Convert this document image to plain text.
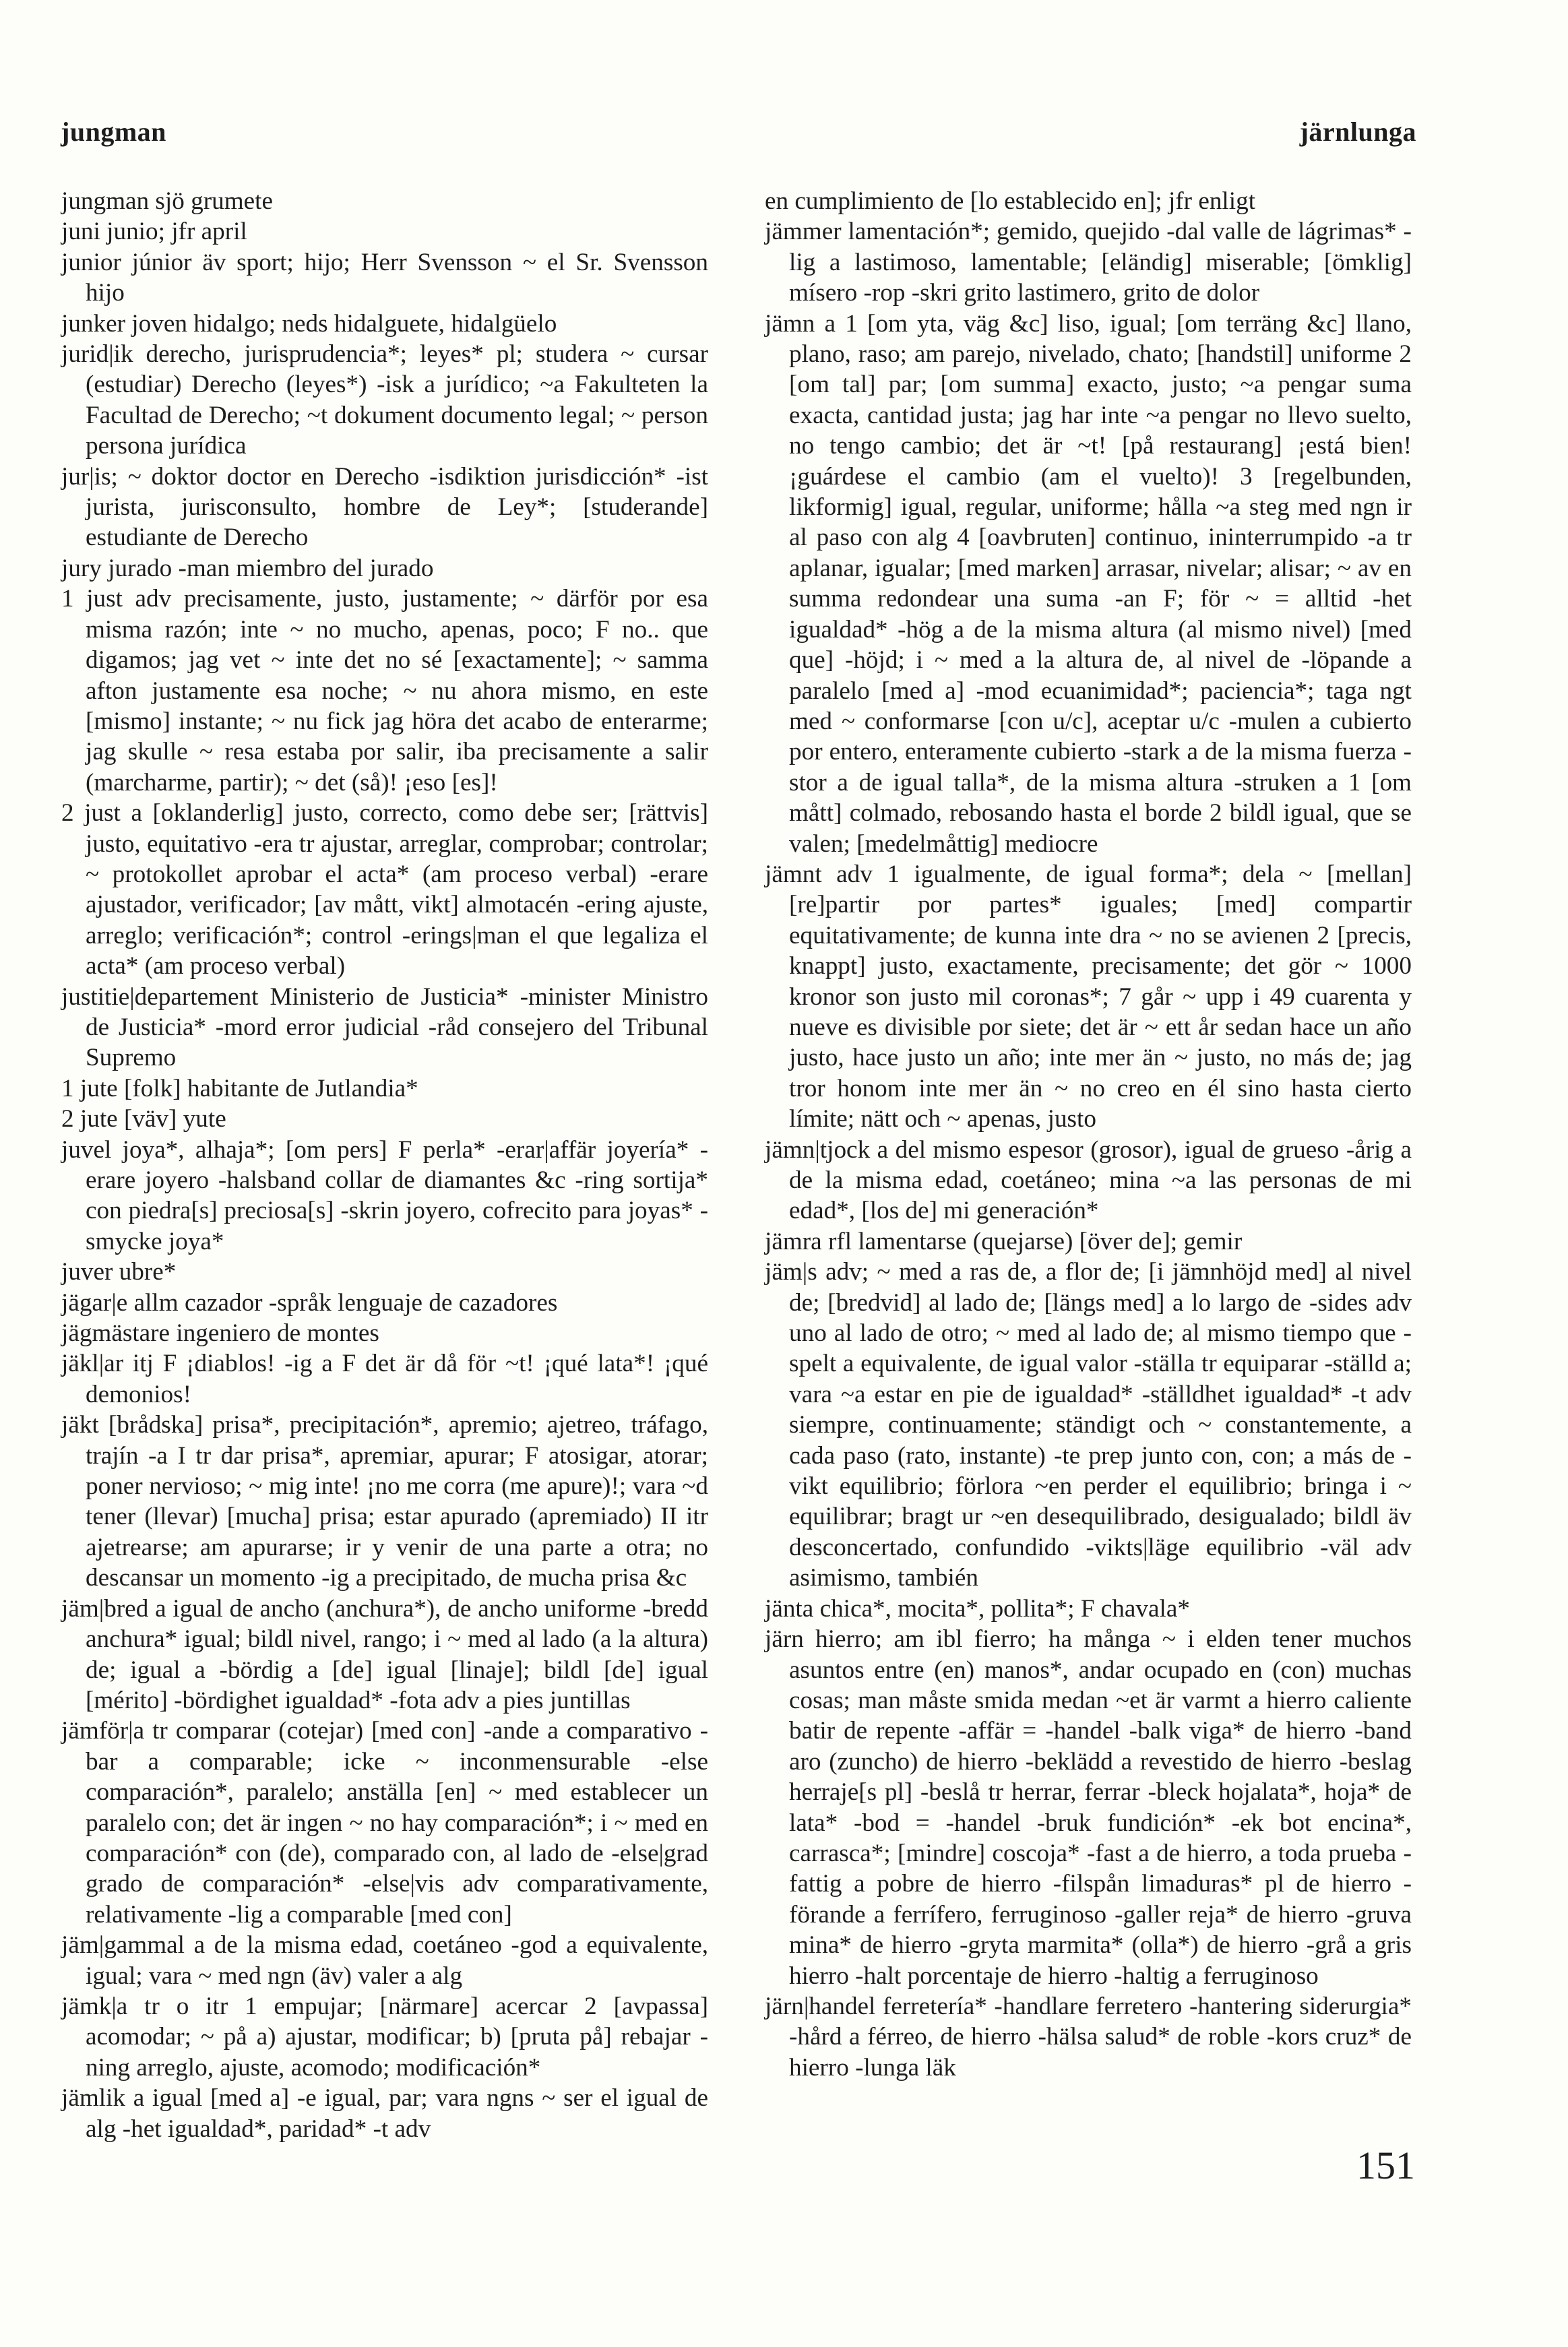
jungman	järnlunga

jungman sjö grumete

juni junio; jfr april

junior júnior äv sport; hijo; Herr Svensson ~ el Sr. Svensson hijo

junker joven hidalgo; neds hidalguete, hidalgüelo

jurid|ik derecho, jurisprudencia*; leyes* pl; studera ~ cursar (estudiar) Derecho (leyes*) -isk a jurídico; ~a Fakulteten la Facultad de Derecho; ~t dokument documento legal; ~ person persona jurídica

jur|is; ~ doktor doctor en Derecho -isdiktion jurisdicción* -ist jurista, jurisconsulto, hombre de Ley*; [studerande] estudiante de Derecho

jury jurado -man miembro del jurado

1 just adv precisamente, justo, justamente; ~ därför por esa misma razón; inte ~ no mucho, apenas, poco; F no.. que digamos; jag vet ~ inte det no sé [exactamente]; ~ samma afton justamente esa noche; ~ nu ahora mismo, en este [mismo] instante; ~ nu fick jag höra det acabo de enterarme; jag skulle ~ resa estaba por salir, iba precisamente a salir (marcharme, partir); ~ det (så)! ¡eso [es]!

2 just a [oklanderlig] justo, correcto, como debe ser; [rättvis] justo, equitativo -era tr ajustar, arreglar, comprobar; controlar; ~ protokollet aprobar el acta* (am proceso verbal) -erare ajustador, verificador; [av mått, vikt] almotacén -ering ajuste, arreglo; verificación*; control -erings|man el que legaliza el acta* (am proceso verbal)

justitie|departement Ministerio de Justicia* -minister Ministro de Justicia* -mord error judicial -råd consejero del Tribunal Supremo

1 jute [folk] habitante de Jutlandia*

2 jute [väv] yute

juvel joya*, alhaja*; [om pers] F perla* -erar|affär joyería* -erare joyero -halsband collar de diamantes &c -ring sortija* con piedra[s] preciosa[s] -skrin joyero, cofrecito para joyas* -smycke joya*

juver ubre*

jägar|e allm cazador -språk lenguaje de cazadores

jägmästare ingeniero de montes

jäkl|ar itj F ¡diablos! -ig a F det är då för ~t! ¡qué lata*! ¡qué demonios!

jäkt [brådska] prisa*, precipitación*, apremio; ajetreo, tráfago, trajín -a I tr dar prisa*, apremiar, apurar; F atosigar, atorar; poner nervioso; ~ mig inte! ¡no me corra (me apure)!; vara ~d tener (llevar) [mucha] prisa; estar apurado (apremiado) II itr ajetrearse; am apurarse; ir y venir de una parte a otra; no descansar un momento -ig a precipitado, de mucha prisa &c

jäm|bred a igual de ancho (anchura*), de ancho uniforme -bredd anchura* igual; bildl nivel, rango; i ~ med al lado (a la altura) de; igual a -bördig a [de] igual [linaje]; bildl [de] igual [mérito] -bördighet igualdad* -fota adv a pies juntillas

jämför|a tr comparar (cotejar) [med con] -ande a comparativo -bar a comparable; icke ~ inconmensurable -else comparación*, paralelo; anställa [en] ~ med establecer un paralelo con; det är ingen ~ no hay comparación*; i ~ med en comparación* con (de), comparado con, al lado de -else|grad grado de comparación* -else|vis adv comparativamente, relativamente -lig a comparable [med con]

jäm|gammal a de la misma edad, coetáneo -god a equivalente, igual; vara ~ med ngn (äv) valer a alg

jämk|a tr o itr 1 empujar; [närmare] acercar 2 [avpassa] acomodar; ~ på a) ajustar, modificar; b) [pruta på] rebajar -ning arreglo, ajuste, acomodo; modificación*

jämlik a igual [med a] -e igual, par; vara ngns ~ ser el igual de alg -het igualdad*, paridad* -t adv

en cumplimiento de [lo establecido en]; jfr enligt

jämmer lamentación*; gemido, quejido -dal valle de lágrimas* -lig a lastimoso, lamentable; [eländig] miserable; [ömklig] mísero -rop -skri grito lastimero, grito de dolor

jämn a 1 [om yta, väg &c] liso, igual; [om terräng &c] llano, plano, raso; am parejo, nivelado, chato; [handstil] uniforme 2 [om tal] par; [om summa] exacto, justo; ~a pengar suma exacta, cantidad justa; jag har inte ~a pengar no llevo suelto, no tengo cambio; det är ~t! [på restaurang] ¡está bien! ¡guárdese el cambio (am el vuelto)! 3 [regelbunden, likformig] igual, regular, uniforme; hålla ~a steg med ngn ir al paso con alg 4 [oavbruten] continuo, ininterrumpido -a tr aplanar, igualar; [med marken] arrasar, nivelar; alisar; ~ av en summa redondear una suma -an F; för ~ = alltid -het igualdad* -hög a de la misma altura (al mismo nivel) [med que] -höjd; i ~ med a la altura de, al nivel de -löpande a paralelo [med a] -mod ecuanimidad*; paciencia*; taga ngt med ~ conformarse [con u/c], aceptar u/c -mulen a cubierto por entero, enteramente cubierto -stark a de la misma fuerza -stor a de igual talla*, de la misma altura -struken a 1 [om mått] colmado, rebosando hasta el borde 2 bildl igual, que se valen; [medelmåttig] mediocre

jämnt adv 1 igualmente, de igual forma*; dela ~ [mellan] [re]partir por partes* iguales; [med] compartir equitativamente; de kunna inte dra ~ no se avienen 2 [precis, knappt] justo, exactamente, precisamente; det gör ~ 1000 kronor son justo mil coronas*; 7 går ~ upp i 49 cuarenta y nueve es divisible por siete; det är ~ ett år sedan hace un año justo, hace justo un año; inte mer än ~ justo, no más de; jag tror honom inte mer än ~ no creo en él sino hasta cierto límite; nätt och ~ apenas, justo

jämn|tjock a del mismo espesor (grosor), igual de grueso -årig a de la misma edad, coetáneo; mina ~a las personas de mi edad*, [los de] mi generación*

jämra rfl lamentarse (quejarse) [över de]; gemir

jäm|s adv; ~ med a ras de, a flor de; [i jämnhöjd med] al nivel de; [bredvid] al lado de; [längs med] a lo largo de -sides adv uno al lado de otro; ~ med al lado de; al mismo tiempo que -spelt a equivalente, de igual valor -ställa tr equiparar -ställd a; vara ~a estar en pie de igualdad* -ställdhet igualdad* -t adv siempre, continuamente; ständigt och ~ constantemente, a cada paso (rato, instante) -te prep junto con, con; a más de -vikt equilibrio; förlora ~en perder el equilibrio; bringa i ~ equilibrar; bragt ur ~en desequilibrado, desigualado; bildl äv desconcertado, confundido -vikts|läge equilibrio -väl adv asimismo, también

jänta chica*, mocita*, pollita*; F chavala*

järn hierro; am ibl fierro; ha många ~ i elden tener muchos asuntos entre (en) manos*, andar ocupado en (con) muchas cosas; man måste smida medan ~et är varmt a hierro caliente batir de repente -affär = -handel -balk viga* de hierro -band aro (zuncho) de hierro -beklädd a revestido de hierro -beslag herraje[s pl] -beslå tr herrar, ferrar -bleck hojalata*, hoja* de lata* -bod = -handel -bruk fundición* -ek bot encina*, carrasca*; [mindre] coscoja* -fast a de hierro, a toda prueba -fattig a pobre de hierro -filspån limaduras* pl de hierro -förande a ferrífero, ferruginoso -galler reja* de hierro -gruva mina* de hierro -gryta marmita* (olla*) de hierro -grå a gris hierro -halt porcentaje de hierro -haltig a ferruginoso

järn|handel ferretería* -handlare ferretero -hantering siderurgia* -hård a férreo, de hierro -hälsa salud* de roble -kors cruz* de hierro -lunga läk

151
